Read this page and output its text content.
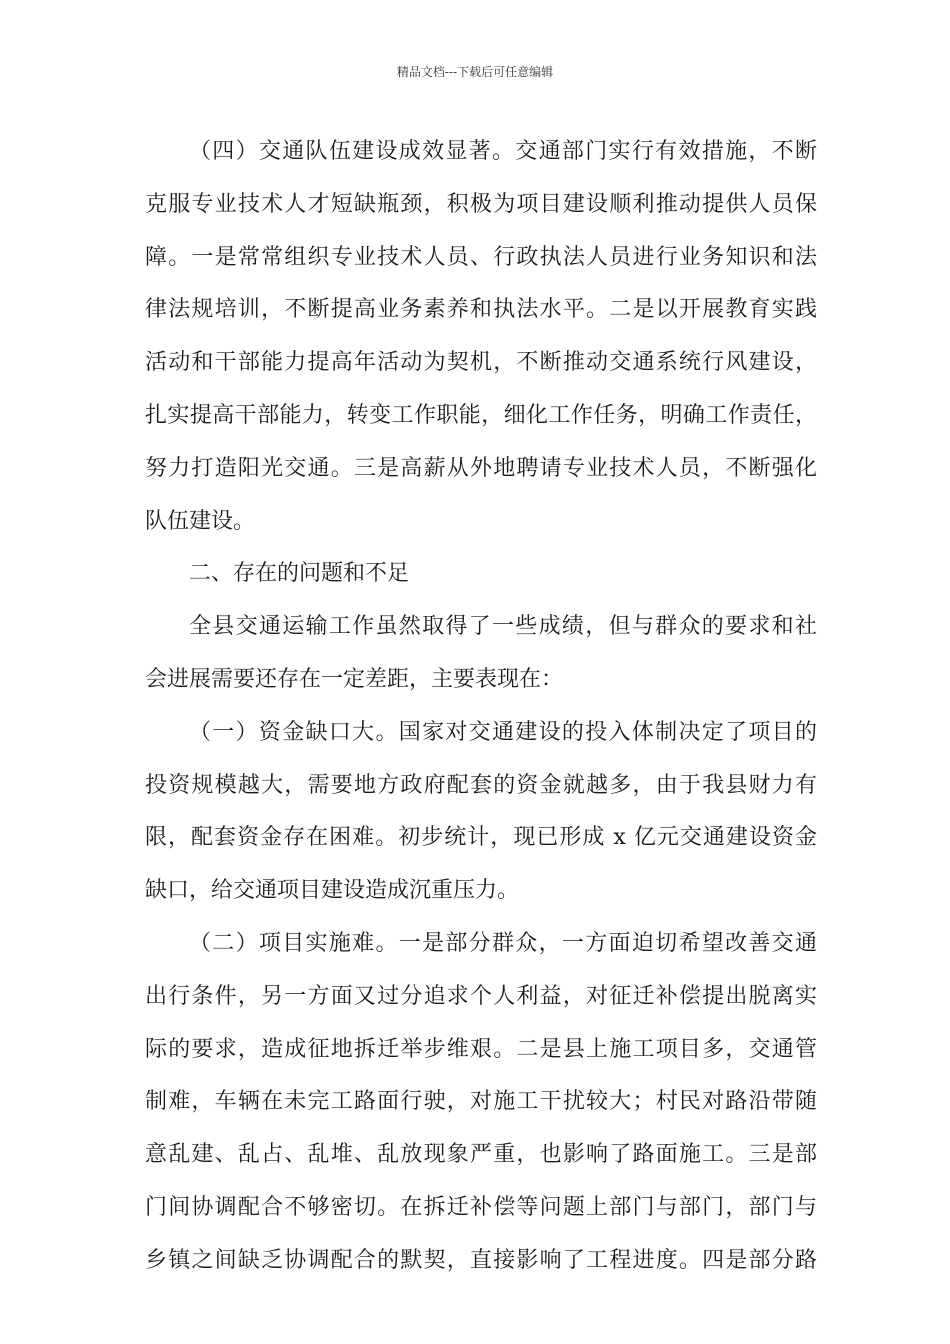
精品文档---下载后可任意编辑
（四）交通队伍建设成效显著。交通部门实行有效措施，不断
克服专业技术人才短缺瓶颈，积极为项目建设顺利推动提供人员保
障。一是常常组织专业技术人员、行政执法人员进行业务知识和法
律法规培训，不断提高业务素养和执法水平。二是以开展教育实践
活动和干部能力提高年活动为契机，不断推动交通系统行风建设，
扎实提高干部能力，转变工作职能，细化工作任务，明确工作责任，
努力打造阳光交通。三是高薪从外地聘请专业技术人员，不断强化
队伍建设。
二、存在的问题和不足
全县交通运输工作虽然取得了一些成绩，但与群众的要求和社
会进展需要还存在一定差距，主要表现在：
（一）资金缺口大。国家对交通建设的投入体制决定了项目的
投资规模越大，需要地方政府配套的资金就越多，由于我县财力有
限，配套资金存在困难。初步统计，现已形成 x 亿元交通建设资金
缺口，给交通项目建设造成沉重压力。
（二）项目实施难。一是部分群众，一方面迫切希望改善交通
出行条件，另一方面又过分追求个人利益，对征迁补偿提出脱离实
际的要求，造成征地拆迁举步维艰。二是县上施工项目多，交通管
制难，车辆在未完工路面行驶，对施工干扰较大；村民对路沿带随
意乱建、乱占、乱堆、乱放现象严重，也影响了路面施工。三是部
门间协调配合不够密切。在拆迁补偿等问题上部门与部门，部门与
乡镇之间缺乏协调配合的默契，直接影响了工程进度。四是部分路
